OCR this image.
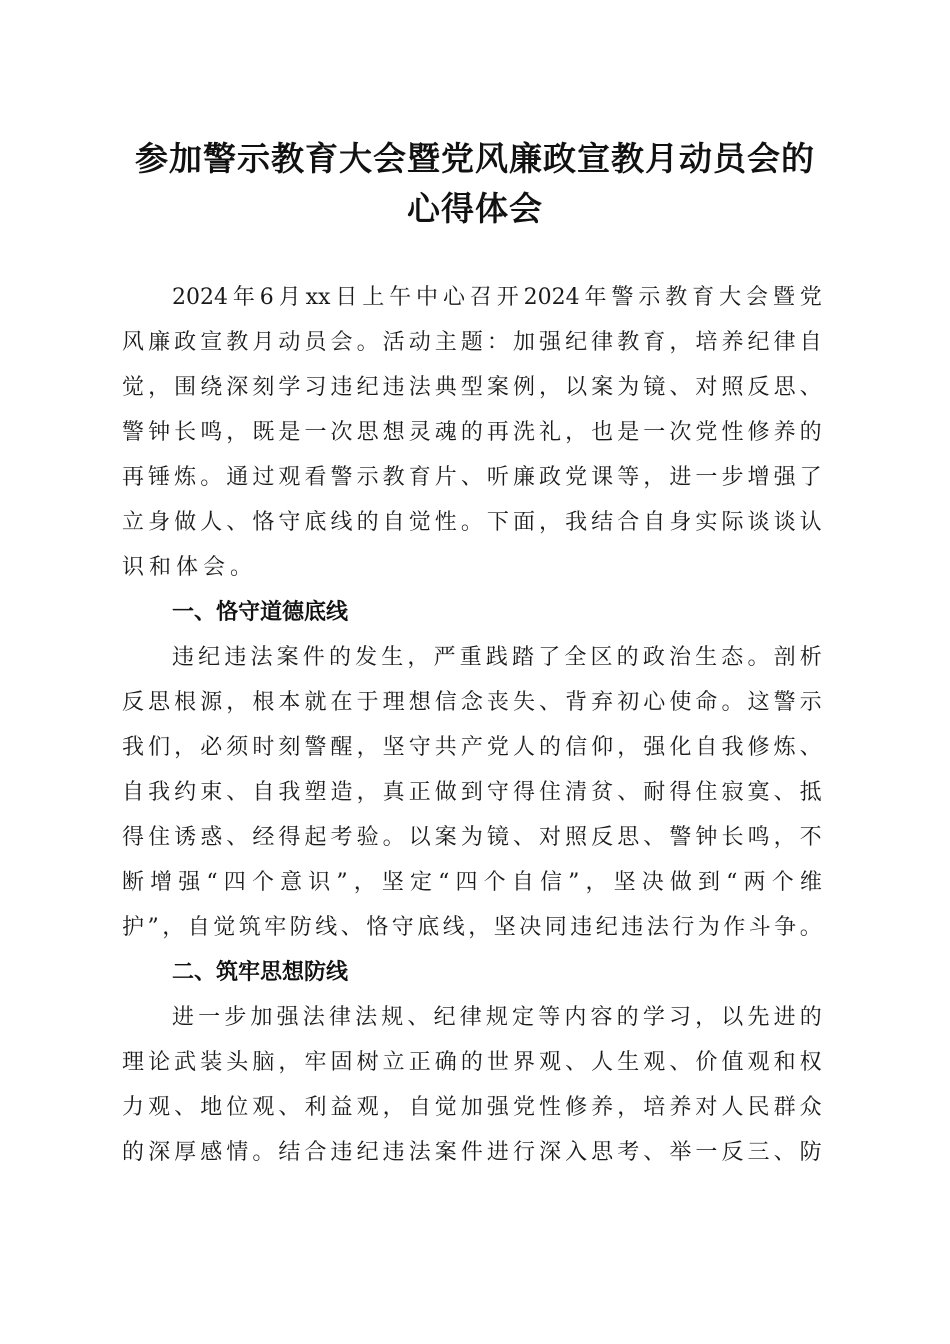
参加警示教育大会暨党风廉政宣教月动员会的
心得体会
2024 年 6 月 xx 日 上 午 中 心 召 开 2024 年 警 示 教 育 大 会 暨 党
风 廉 政 宣 教 月 动 员 会 。 活 动 主 题 ： 加 强 纪 律 教 育 ， 培 养 纪 律 自
觉 ， 围 绕 深 刻 学 习 违 纪 违 法 典 型 案 例 ， 以 案 为 镜 、 对 照 反 思 、
警 钟 长 鸣 ， 既 是 一 次 思 想 灵 魂 的 再 洗 礼 ， 也 是 一 次 党 性 修 养 的
再 锤 炼 。 通 过 观 看 警 示 教 育 片 、 听 廉 政 党 课 等 ， 进 一 步 增 强 了
立 身 做 人 、 恪 守 底 线 的 自 觉 性 。 下 面 ， 我 结 合 自 身 实 际 谈 谈 认
识和体会。
一、恪守道德底线
违 纪 违 法 案 件 的 发 生 ， 严 重 践 踏 了 全 区 的 政 治 生 态 。 剖 析
反 思 根 源 ， 根 本 就 在 于 理 想 信 念 丧 失 、 背 弃 初 心 使 命 。 这 警 示
我 们 ， 必 须 时 刻 警 醒 ， 坚 守 共 产 党 人 的 信 仰 ， 强 化 自 我 修 炼 、
自 我 约 束 、 自 我 塑 造 ， 真 正 做 到 守 得 住 清 贫 、 耐 得 住 寂 寞 、 抵
得 住 诱 惑 、 经 得 起 考 验 。 以 案 为 镜 、 对 照 反 思 、 警 钟 长 鸣 ， 不
断 增 强 “ 四 个 意 识 ” ， 坚 定 “ 四 个 自 信 ” ， 坚 决 做 到 “ 两 个 维
护 ” ， 自 觉 筑 牢 防 线 、 恪 守 底 线 ， 坚 决 同 违 纪 违 法 行 为 作 斗 争 。
二、筑牢思想防线
进 一 步 加 强 法 律 法 规 、 纪 律 规 定 等 内 容 的 学 习 ， 以 先 进 的
理 论 武 装 头 脑 ， 牢 固 树 立 正 确 的 世 界 观 、 人 生 观 、 价 值 观 和 权
力 观 、 地 位 观 、 利 益 观 ， 自 觉 加 强 党 性 修 养 ， 培 养 对 人 民 群 众
的 深 厚 感 情 。 结 合 违 纪 违 法 案 件 进 行 深 入 思 考 、 举 一 反 三 、 防
